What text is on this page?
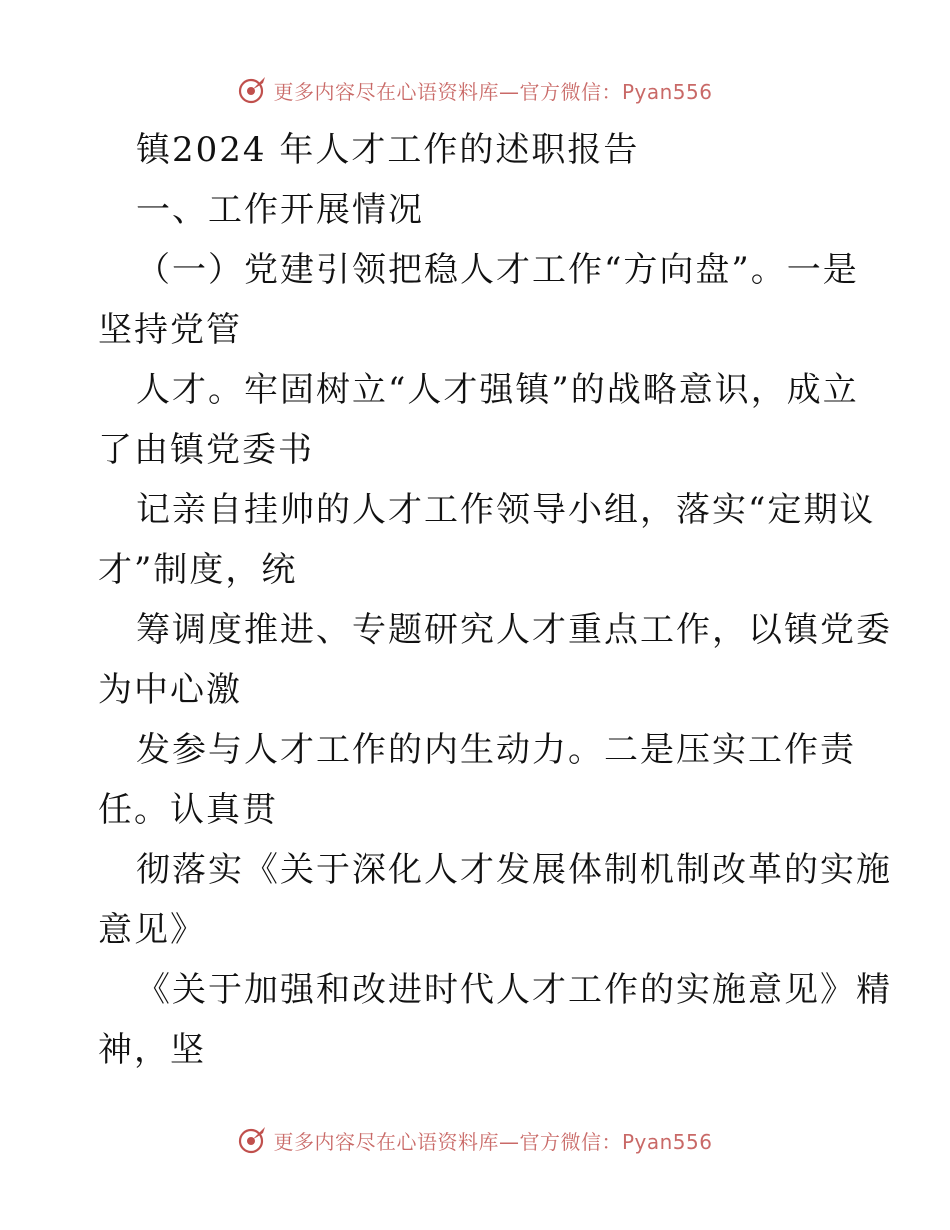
更多内容尽在心语资料库—官方微信：Pyan556
镇2024 年人才工作的述职报告
一、工作开展情况
（一）党建引领把稳人才工作“方向盘”。一是
坚持党管
人才。牢固树立“人才强镇”的战略意识，成立
了由镇党委书
记亲自挂帅的人才工作领导小组，落实“定期议
才”制度，统
筹调度推进、专题研究人才重点工作，以镇党委
为中心激
发参与人才工作的内生动力。二是压实工作责
任。认真贯
彻落实《关于深化人才发展体制机制改革的实施
意见》
《关于加强和改进时代人才工作的实施意见》精
神，坚
更多内容尽在心语资料库—官方微信：Pyan556
